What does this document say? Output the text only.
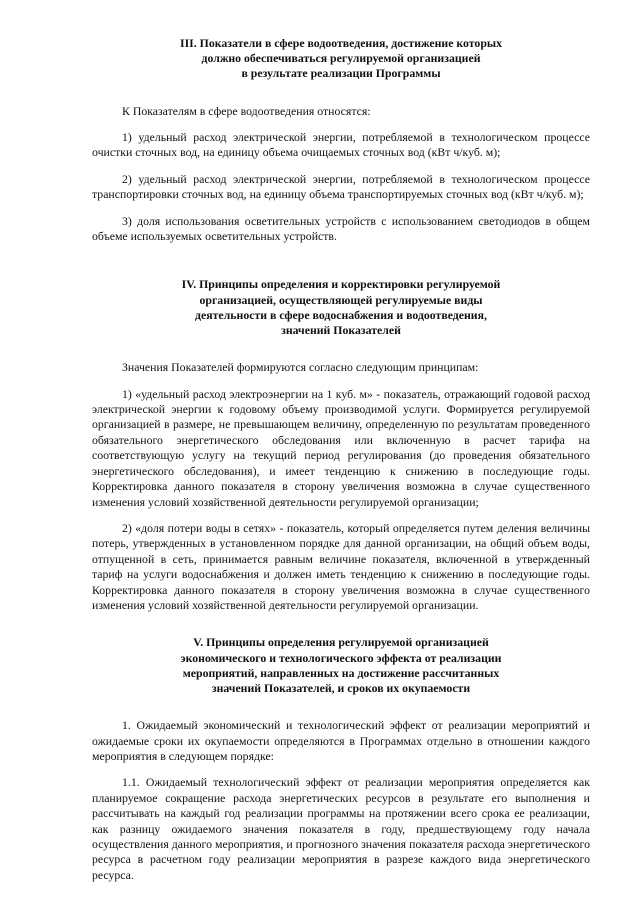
III. Показатели в сфере водоотведения, достижение которых

должно обеспечиваться регулируемой организацией

в результате реализации Программы

К Показателям в сфере водоотведения относятся:

1) удельный расход электрической энергии, потребляемой в технологическом процессе очистки сточных вод, на единицу объема очищаемых сточных вод (кВт ч/куб. м);

2) удельный расход электрической энергии, потребляемой в технологическом процессе транспортировки сточных вод, на единицу объема транспортируемых сточных вод (кВт ч/куб. м);

3) доля использования осветительных устройств с использованием светодиодов в общем объеме используемых осветительных устройств.

IV. Принципы определения и корректировки регулируемой

организацией, осуществляющей регулируемые виды

деятельности в сфере водоснабжения и водоотведения,

значений Показателей

Значения Показателей формируются согласно следующим принципам:

1) «удельный расход электроэнергии на 1 куб. м» - показатель, отражающий годовой расход электрической энергии к годовому объему производимой услуги. Формируется регулируемой организацией в размере, не превышающем величину, определенную по результатам проведенного обязательного энергетического обследования или включенную в расчет тарифа на соответствующую услугу на текущий период регулирования (до проведения обязательного энергетического обследования), и имеет тенденцию к снижению в последующие годы. Корректировка данного показателя в сторону увеличения возможна в случае существенного изменения условий хозяйственной деятельности регулируемой организации;

2) «доля потери воды в сетях» - показатель, который определяется путем деления величины потерь, утвержденных в установленном порядке для данной организации, на общий объем воды, отпущенной в сеть, принимается равным величине показателя, включенной в утвержденный тариф на услуги водоснабжения и должен иметь тенденцию к снижению в последующие годы. Корректировка данного показателя в сторону увеличения возможна в случае существенного изменения условий хозяйственной деятельности регулируемой организации.

V. Принципы определения регулируемой организацией

экономического и технологического эффекта от реализации

мероприятий, направленных на достижение рассчитанных

значений Показателей, и сроков их окупаемости

1. Ожидаемый экономический и технологический эффект от реализации мероприятий и ожидаемые сроки их окупаемости определяются в Программах отдельно в отношении каждого мероприятия в следующем порядке:

1.1. Ожидаемый технологический эффект от реализации мероприятия определяется как планируемое сокращение расхода энергетических ресурсов в результате его выполнения и рассчитывать на каждый год реализации программы на протяжении всего срока ее реализации, как разницу ожидаемого значения показателя в году, предшествующему году начала осуществления данного мероприятия, и прогнозного значения показателя расхода энергетического ресурса в расчетном году реализации мероприятия в разрезе каждого вида энергетического ресурса.
